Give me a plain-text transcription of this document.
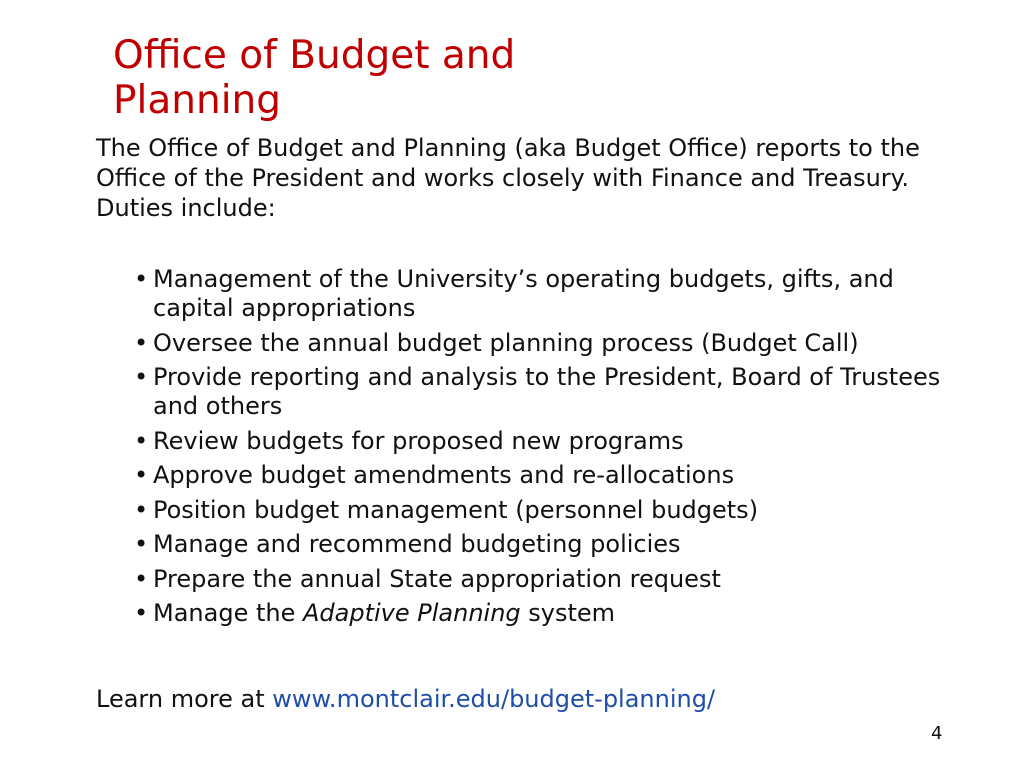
Office of Budget and
Planning

The Office of Budget and Planning (aka Budget Office) reports to the Office of the President and works closely with Finance and Treasury. Duties include:

• Management of the University’s operating budgets, gifts, and capital appropriations
• Oversee the annual budget planning process (Budget Call)
• Provide reporting and analysis to the President, Board of Trustees and others
• Review budgets for proposed new programs
• Approve budget amendments and re-allocations
• Position budget management (personnel budgets)
• Manage and recommend budgeting policies
• Prepare the annual State appropriation request
• Manage the Adaptive Planning system

Learn more at www.montclair.edu/budget-planning/

4
